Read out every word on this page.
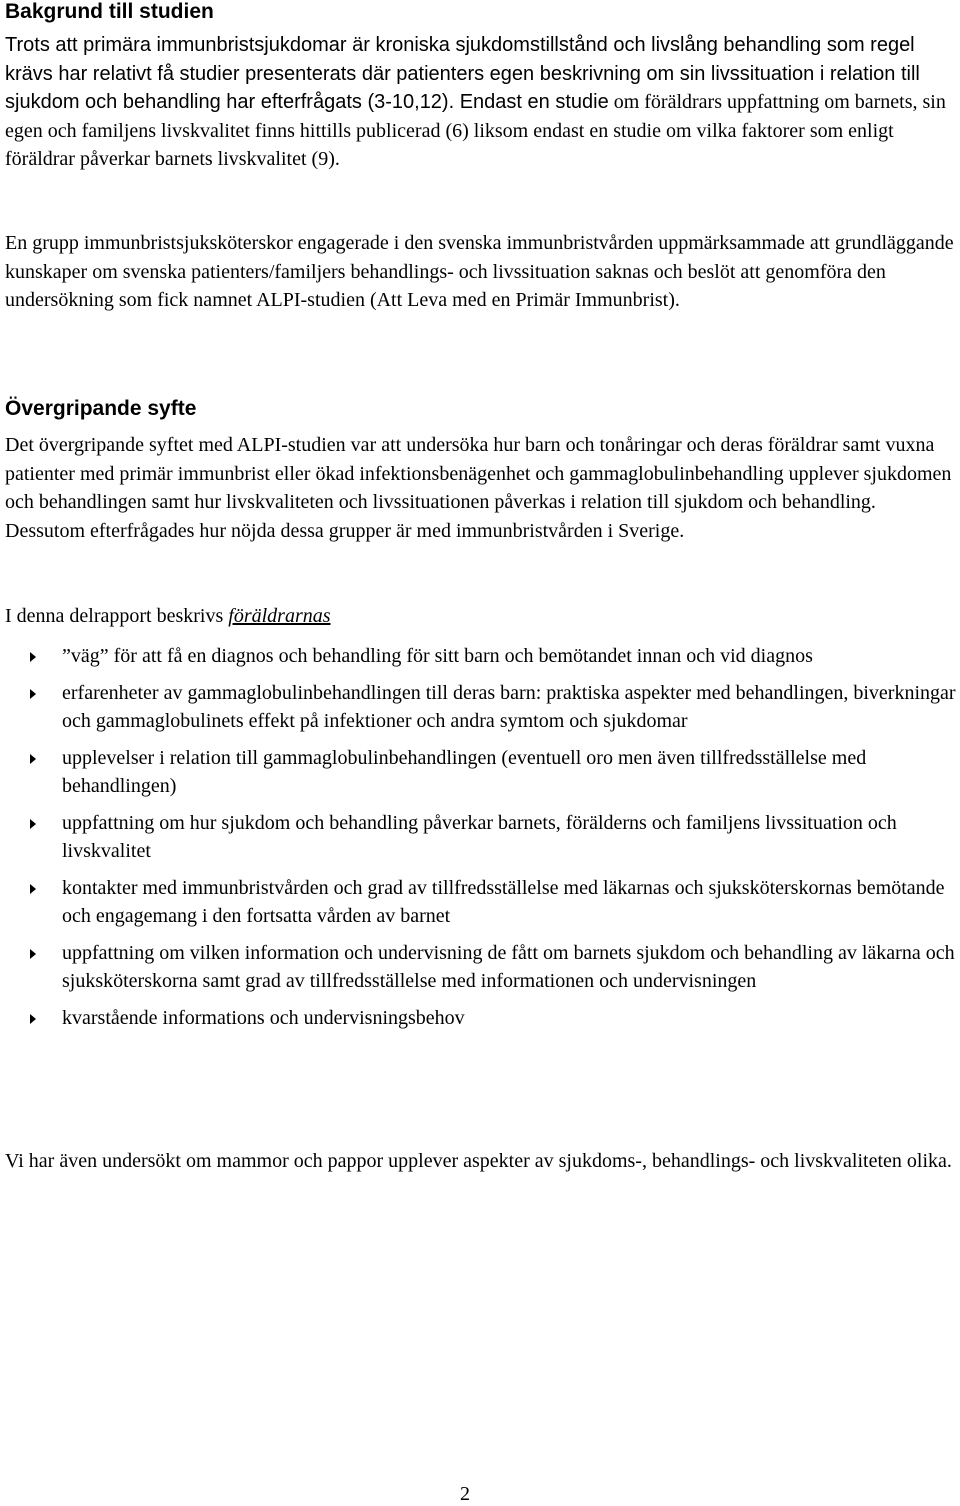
Bakgrund till studien

Trots att primära immunbristsjukdomar är kroniska sjukdomstillstånd och livslång behandling som regel krävs har relativt få studier presenterats där patienters egen beskrivning om sin livssituation i relation till sjukdom och behandling har efterfrågats (3-10,12). Endast en studie om föräldrars uppfattning om barnets, sin egen och familjens livskvalitet finns hittills publicerad (6) liksom endast en studie om vilka faktorer som enligt föräldrar påverkar barnets livskvalitet (9).

En grupp immunbristsjuksköterskor engagerade i den svenska immunbristvården uppmärksammade att grundläggande kunskaper om svenska patienters/familjers behandlings- och livssituation saknas och beslöt att genomföra den undersökning som fick namnet ALPI-studien (Att Leva med en Primär Immunbrist).

Övergripande syfte

Det övergripande syftet med ALPI-studien var att undersöka hur barn och tonåringar och deras föräldrar samt vuxna patienter med primär immunbrist eller ökad infektionsbenägenhet och gammaglobulinbehandling upplever sjukdomen och behandlingen samt hur livskvaliteten och livssituationen påverkas i relation till sjukdom och behandling. Dessutom efterfrågades hur nöjda dessa grupper är med immunbristvården i Sverige.

I denna delrapport beskrivs föräldrarnas

”väg” för att få en diagnos och behandling för sitt barn och bemötandet innan och vid diagnos
erfarenheter av gammaglobulinbehandlingen till deras barn: praktiska aspekter med behandlingen, biverkningar och gammaglobulinets effekt på infektioner och andra symtom och sjukdomar
upplevelser i relation till gammaglobulinbehandlingen (eventuell oro men även tillfredsställelse med behandlingen)
uppfattning om hur sjukdom och behandling påverkar barnets, förälderns och familjens livssituation och livskvalitet
kontakter med immunbristvården och grad av tillfredsställelse med läkarnas och sjuksköterskornas bemötande och engagemang i den fortsatta vården av barnet
uppfattning om vilken information och undervisning de fått om barnets sjukdom och behandling av läkarna och sjuksköterskorna samt grad av tillfredsställelse med informationen och undervisningen
kvarstående informations och undervisningsbehov

Vi har även undersökt om mammor och pappor upplever aspekter av sjukdoms-, behandlings- och livskvaliteten olika.

2
